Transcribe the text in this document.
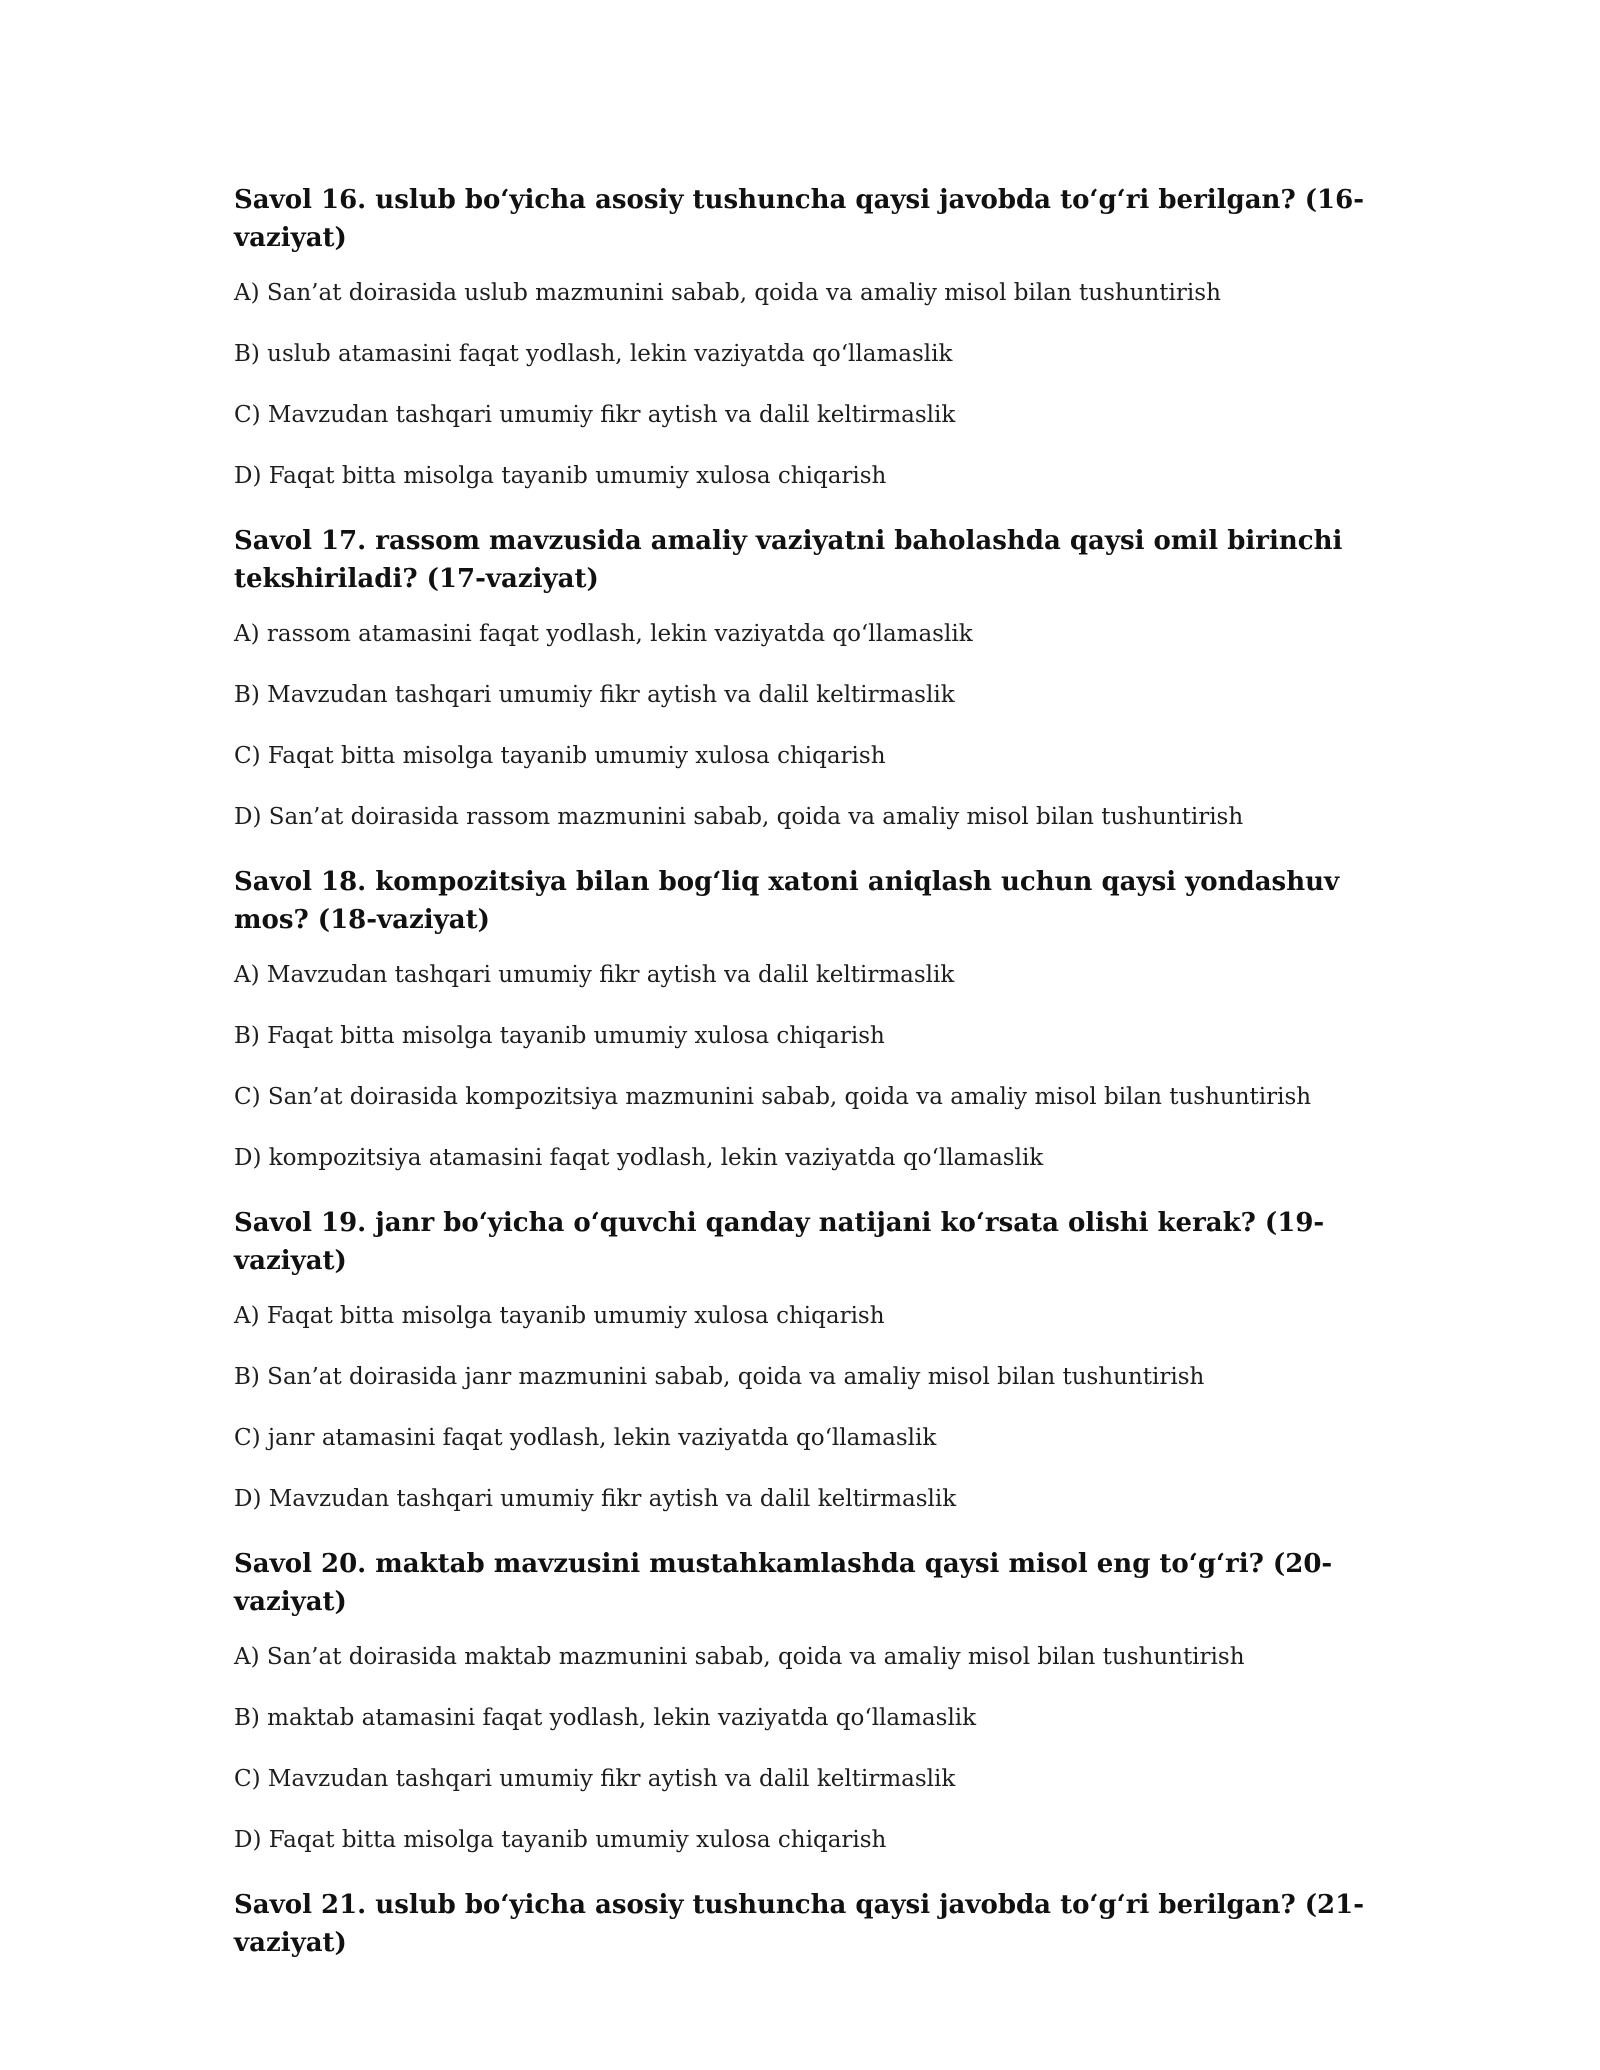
Savol 16. uslub bo‘yicha asosiy tushuncha qaysi javobda to‘g‘ri berilgan? (16-vaziyat)

A) San’at doirasida uslub mazmunini sabab, qoida va amaliy misol bilan tushuntirish

B) uslub atamasini faqat yodlash, lekin vaziyatda qo‘llamaslik

C) Mavzudan tashqari umumiy fikr aytish va dalil keltirmaslik

D) Faqat bitta misolga tayanib umumiy xulosa chiqarish

Savol 17. rassom mavzusida amaliy vaziyatni baholashda qaysi omil birinchi tekshiriladi? (17-vaziyat)

A) rassom atamasini faqat yodlash, lekin vaziyatda qo‘llamaslik

B) Mavzudan tashqari umumiy fikr aytish va dalil keltirmaslik

C) Faqat bitta misolga tayanib umumiy xulosa chiqarish

D) San’at doirasida rassom mazmunini sabab, qoida va amaliy misol bilan tushuntirish

Savol 18. kompozitsiya bilan bog‘liq xatoni aniqlash uchun qaysi yondashuv mos? (18-vaziyat)

A) Mavzudan tashqari umumiy fikr aytish va dalil keltirmaslik

B) Faqat bitta misolga tayanib umumiy xulosa chiqarish

C) San’at doirasida kompozitsiya mazmunini sabab, qoida va amaliy misol bilan tushuntirish

D) kompozitsiya atamasini faqat yodlash, lekin vaziyatda qo‘llamaslik

Savol 19. janr bo‘yicha o‘quvchi qanday natijani ko‘rsata olishi kerak? (19-vaziyat)

A) Faqat bitta misolga tayanib umumiy xulosa chiqarish

B) San’at doirasida janr mazmunini sabab, qoida va amaliy misol bilan tushuntirish

C) janr atamasini faqat yodlash, lekin vaziyatda qo‘llamaslik

D) Mavzudan tashqari umumiy fikr aytish va dalil keltirmaslik

Savol 20. maktab mavzusini mustahkamlashda qaysi misol eng to‘g‘ri? (20-vaziyat)

A) San’at doirasida maktab mazmunini sabab, qoida va amaliy misol bilan tushuntirish

B) maktab atamasini faqat yodlash, lekin vaziyatda qo‘llamaslik

C) Mavzudan tashqari umumiy fikr aytish va dalil keltirmaslik

D) Faqat bitta misolga tayanib umumiy xulosa chiqarish

Savol 21. uslub bo‘yicha asosiy tushuncha qaysi javobda to‘g‘ri berilgan? (21-vaziyat)
